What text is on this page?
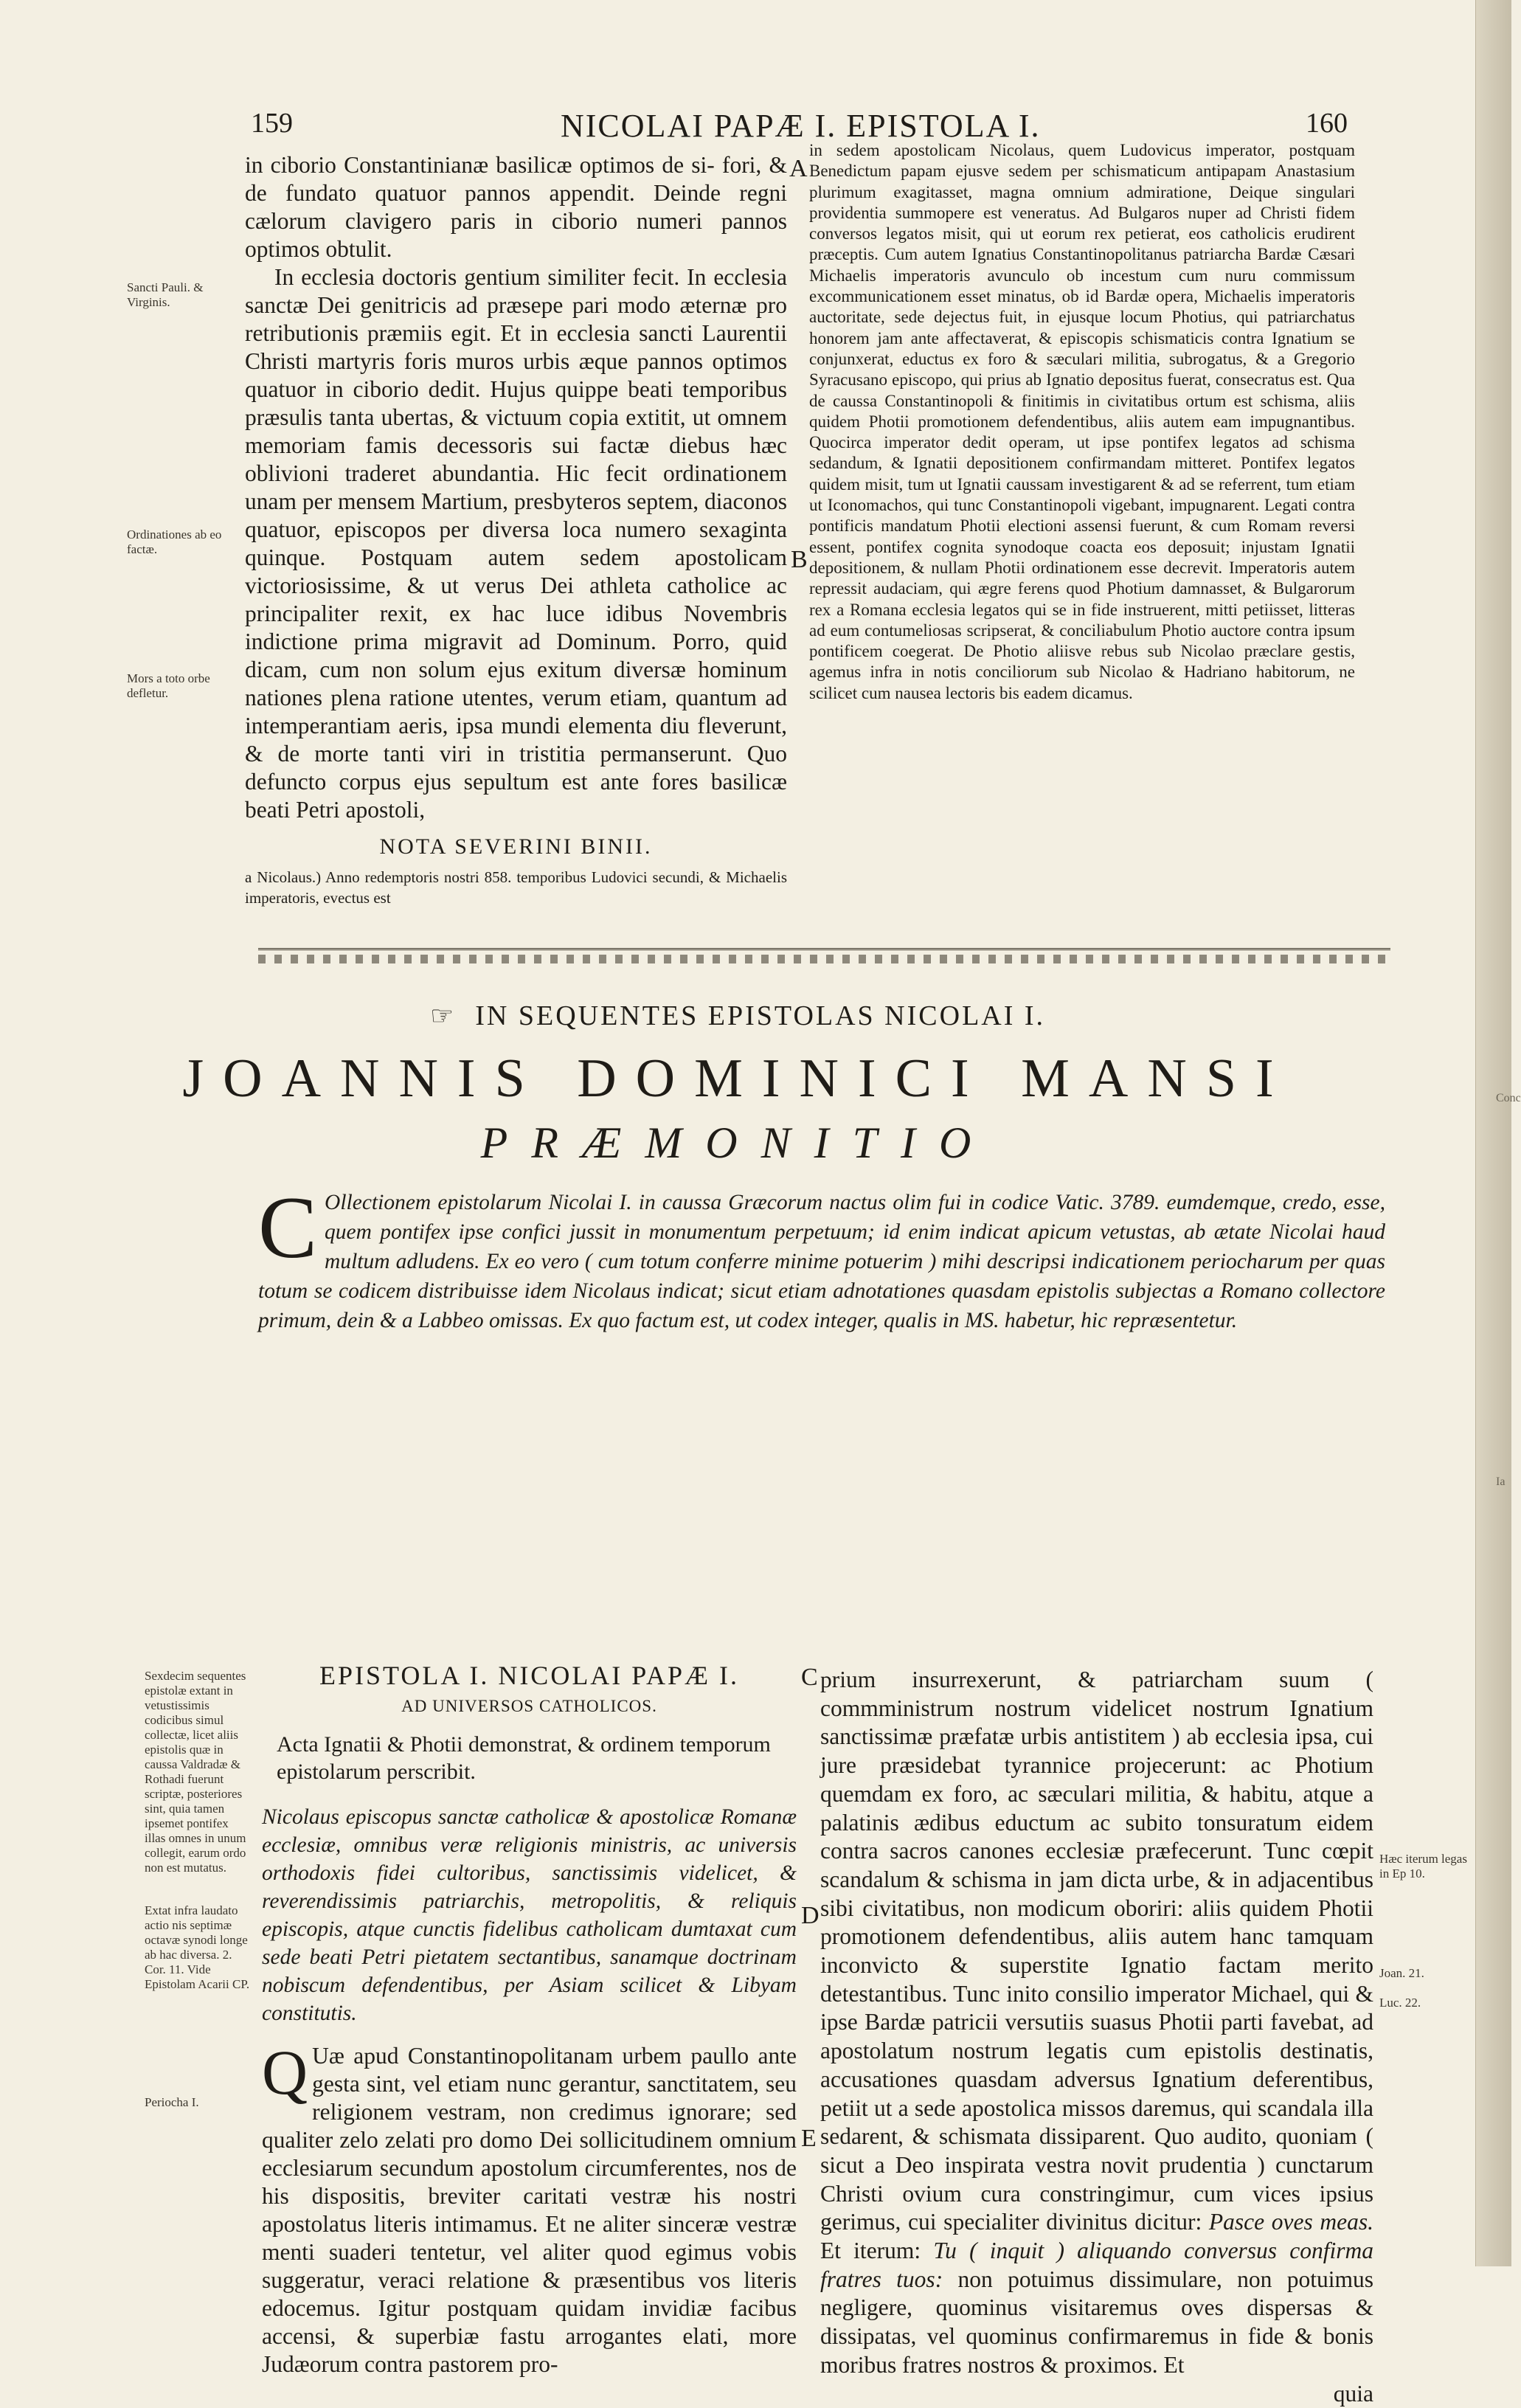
Conc
Ia
159	NICOLAI PAPÆ I. EPISTOLA I.	160
Sancti Pauli. & Virginis.
Ordinationes ab eo factæ.
Mors a toto orbe defletur.

in ciborio Constantinianæ basilicæ optimos de si- fori, & de fundato quatuor pannos appendit. Deinde regni cælorum clavigero paris in ciborio numeri pannos optimos obtulit.

In ecclesia doctoris gentium similiter fecit. In ecclesia sanctæ Dei genitricis ad præsepe pari modo æternæ pro retributionis præmiis egit. Et in ecclesia sancti Laurentii Christi martyris foris muros urbis æque pannos optimos quatuor in ciborio dedit. Hujus quippe beati temporibus præsulis tanta ubertas, & victuum copia extitit, ut omnem memoriam famis decessoris sui factæ diebus hæc oblivioni traderet abundantia. Hic fecit ordinationem unam per mensem Martium, presbyteros septem, diaconos quatuor, episcopos per diversa loca numero sexaginta quinque. Postquam autem sedem apostolicam victoriosissime, & ut verus Dei athleta catholice ac principaliter rexit, ex hac luce idibus Novembris indictione prima migravit ad Dominum. Porro, quid dicam, cum non solum ejus exitum diversæ hominum nationes plena ratione utentes, verum etiam, quantum ad intemperantiam aeris, ipsa mundi elementa diu fleverunt, & de morte tanti viri in tristitia permanserunt. Quo defuncto corpus ejus sepultum est ante fores basilicæ beati Petri apostoli,

NOTA SEVERINI BINII.

a Nicolaus.) Anno redemptoris nostri 858. temporibus Ludovici secundi, & Michaelis imperatoris, evectus est

A
B

in sedem apostolicam Nicolaus, quem Ludovicus imperator, postquam Benedictum papam ejusve sedem per schismaticum antipapam Anastasium plurimum exagitasset, magna omnium admiratione, Deique singulari providentia summopere est veneratus. Ad Bulgaros nuper ad Christi fidem conversos legatos misit, qui ut eorum rex petierat, eos catholicis erudirent præceptis. Cum autem Ignatius Constantinopolitanus patriarcha Bardæ Cæsari Michaelis imperatoris avunculo ob incestum cum nuru commissum excommunicationem esset minatus, ob id Bardæ opera, Michaelis imperatoris auctoritate, sede dejectus fuit, in ejusque locum Photius, qui patriarchatus honorem jam ante affectaverat, & episcopis schismaticis contra Ignatium se conjunxerat, eductus ex foro & sæculari militia, subrogatus, & a Gregorio Syracusano episcopo, qui prius ab Ignatio depositus fuerat, consecratus est. Qua de caussa Constantinopoli & finitimis in civitatibus ortum est schisma, aliis quidem Photii promotionem defendentibus, aliis autem eam impugnantibus. Quocirca imperator dedit operam, ut ipse pontifex legatos ad schisma sedandum, & Ignatii depositionem confirmandam mitteret. Pontifex legatos quidem misit, tum ut Ignatii caussam investigarent & ad se referrent, tum etiam ut Iconomachos, qui tunc Constantinopoli vigebant, impugnarent. Legati contra pontificis mandatum Photii electioni assensi fuerunt, & cum Romam reversi essent, pontifex cognita synodoque coacta eos deposuit; injustam Ignatii depositionem, & nullam Photii ordinationem esse decrevit. Imperatoris autem repressit audaciam, qui ægre ferens quod Photium damnasset, & Bulgarorum rex a Romana ecclesia legatos qui se in fide instruerent, mitti petiisset, litteras ad eum contumeliosas scripserat, & conciliabulum Photio auctore contra ipsum pontificem coegerat. De Photio aliisve rebus sub Nicolao præclare gestis, agemus infra in notis conciliorum sub Nicolao & Hadriano habitorum, ne scilicet cum nausea lectoris bis eadem dicamus.

☞ IN SEQUENTES EPISTOLAS NICOLAI I.
JOANNIS DOMINICI MANSI
PRÆMONITIO
C Ollectionem epistolarum Nicolai I. in caussa Græcorum nactus olim fui in codice Vatic. 3789. eumdemque, credo, esse, quem pontifex ipse confici jussit in monumentum perpetuum; id enim indicat apicum vetustas, ab ætate Nicolai haud multum adludens. Ex eo vero ( cum totum conferre minime potuerim ) mihi descripsi indicationem periocharum per quas totum se codicem distribuisse idem Nicolaus indicat; sicut etiam adnotationes quasdam epistolis subjectas a Romano collectore primum, dein & a Labbeo omissas. Ex quo factum est, ut codex integer, qualis in MS. habetur, hic repræsentetur.
Sexdecim sequentes epistolæ extant in vetustissimis codicibus simul collectæ, licet aliis epistolis quæ in caussa Valdradæ & Rothadi fuerunt scriptæ, posteriores sint, quia tamen ipsemet pontifex illas omnes in unum collegit, earum ordo non est mutatus.
Extat infra laudato actio nis septimæ octavæ synodi longe ab hac diversa. 2. Cor. 11. Vide Epistolam Acarii CP.
Periocha I.

EPISTOLA I. NICOLAI PAPÆ I.

AD UNIVERSOS CATHOLICOS.

Acta Ignatii & Photii demonstrat, & ordinem temporum epistolarum perscribit.

Nicolaus episcopus sanctæ catholicæ & apostolicæ Romanæ ecclesiæ, omnibus veræ religionis ministris, ac universis orthodoxis fidei cultoribus, sanctissimis videlicet, & reverendissimis patriarchis, metropolitis, & reliquis episcopis, atque cunctis fidelibus catholicam dumtaxat cum sede beati Petri pietatem sectantibus, sanamque doctrinam nobiscum defendentibus, per Asiam scilicet & Libyam constitutis.

Q Uæ apud Constantinopolitanam urbem paullo ante gesta sint, vel etiam nunc gerantur, sanctitatem, seu religionem vestram, non credimus ignorare; sed qualiter zelo zelati pro domo Dei sollicitudinem omnium ecclesiarum secundum apostolum circumferentes, nos de his dispositis, breviter caritati vestræ his nostri apostolatus literis intimamus. Et ne aliter sinceræ vestræ menti suaderi tentetur, vel aliter quod egimus vobis suggeratur, veraci relatione & præsentibus vos literis edocemus. Igitur postquam quidam invidiæ facibus accensi, & superbiæ fastu arrogantes elati, more Judæorum contra pastorem pro-

C
D
E

prium insurrexerunt, & patriarcham suum ( commministrum nostrum videlicet nostrum Ignatium sanctissimæ præfatæ urbis antistitem ) ab ecclesia ipsa, cui jure præsidebat tyrannice projecerunt: ac Photium quemdam ex foro, ac sæculari militia, & habitu, atque a palatinis ædibus eductum ac subito tonsuratum eidem contra sacros canones ecclesiæ præfecerunt. Tunc cœpit scandalum & schisma in jam dicta urbe, & in adjacentibus sibi civitatibus, non modicum oboriri: aliis quidem Photii promotionem defendentibus, aliis autem hanc tamquam inconvicto & superstite Ignatio factam merito detestantibus. Tunc inito consilio imperator Michael, qui & ipse Bardæ patricii versutiis suasus Photii parti favebat, ad apostolatum nostrum legatis cum epistolis destinatis, accusationes quasdam adversus Ignatium deferentibus, petiit ut a sede apostolica missos daremus, qui scandala illa sedarent, & schismata dissiparent. Quo audito, quoniam ( sicut a Deo inspirata vestra novit prudentia ) cunctarum Christi ovium cura constringimur, cum vices ipsius gerimus, cui specialiter divinitus dicitur: Pasce oves meas. Et iterum: Tu ( inquit ) aliquando conversus confirma fratres tuos: non potuimus dissimulare, non potuimus negligere, quominus visitaremus oves dispersas & dissipatas, vel quominus confirmaremus in fide & bonis moribus fratres nostros & proximos. Et

quia

Hæc iterum legas in Ep 10.
Joan. 21.
Luc. 22.
